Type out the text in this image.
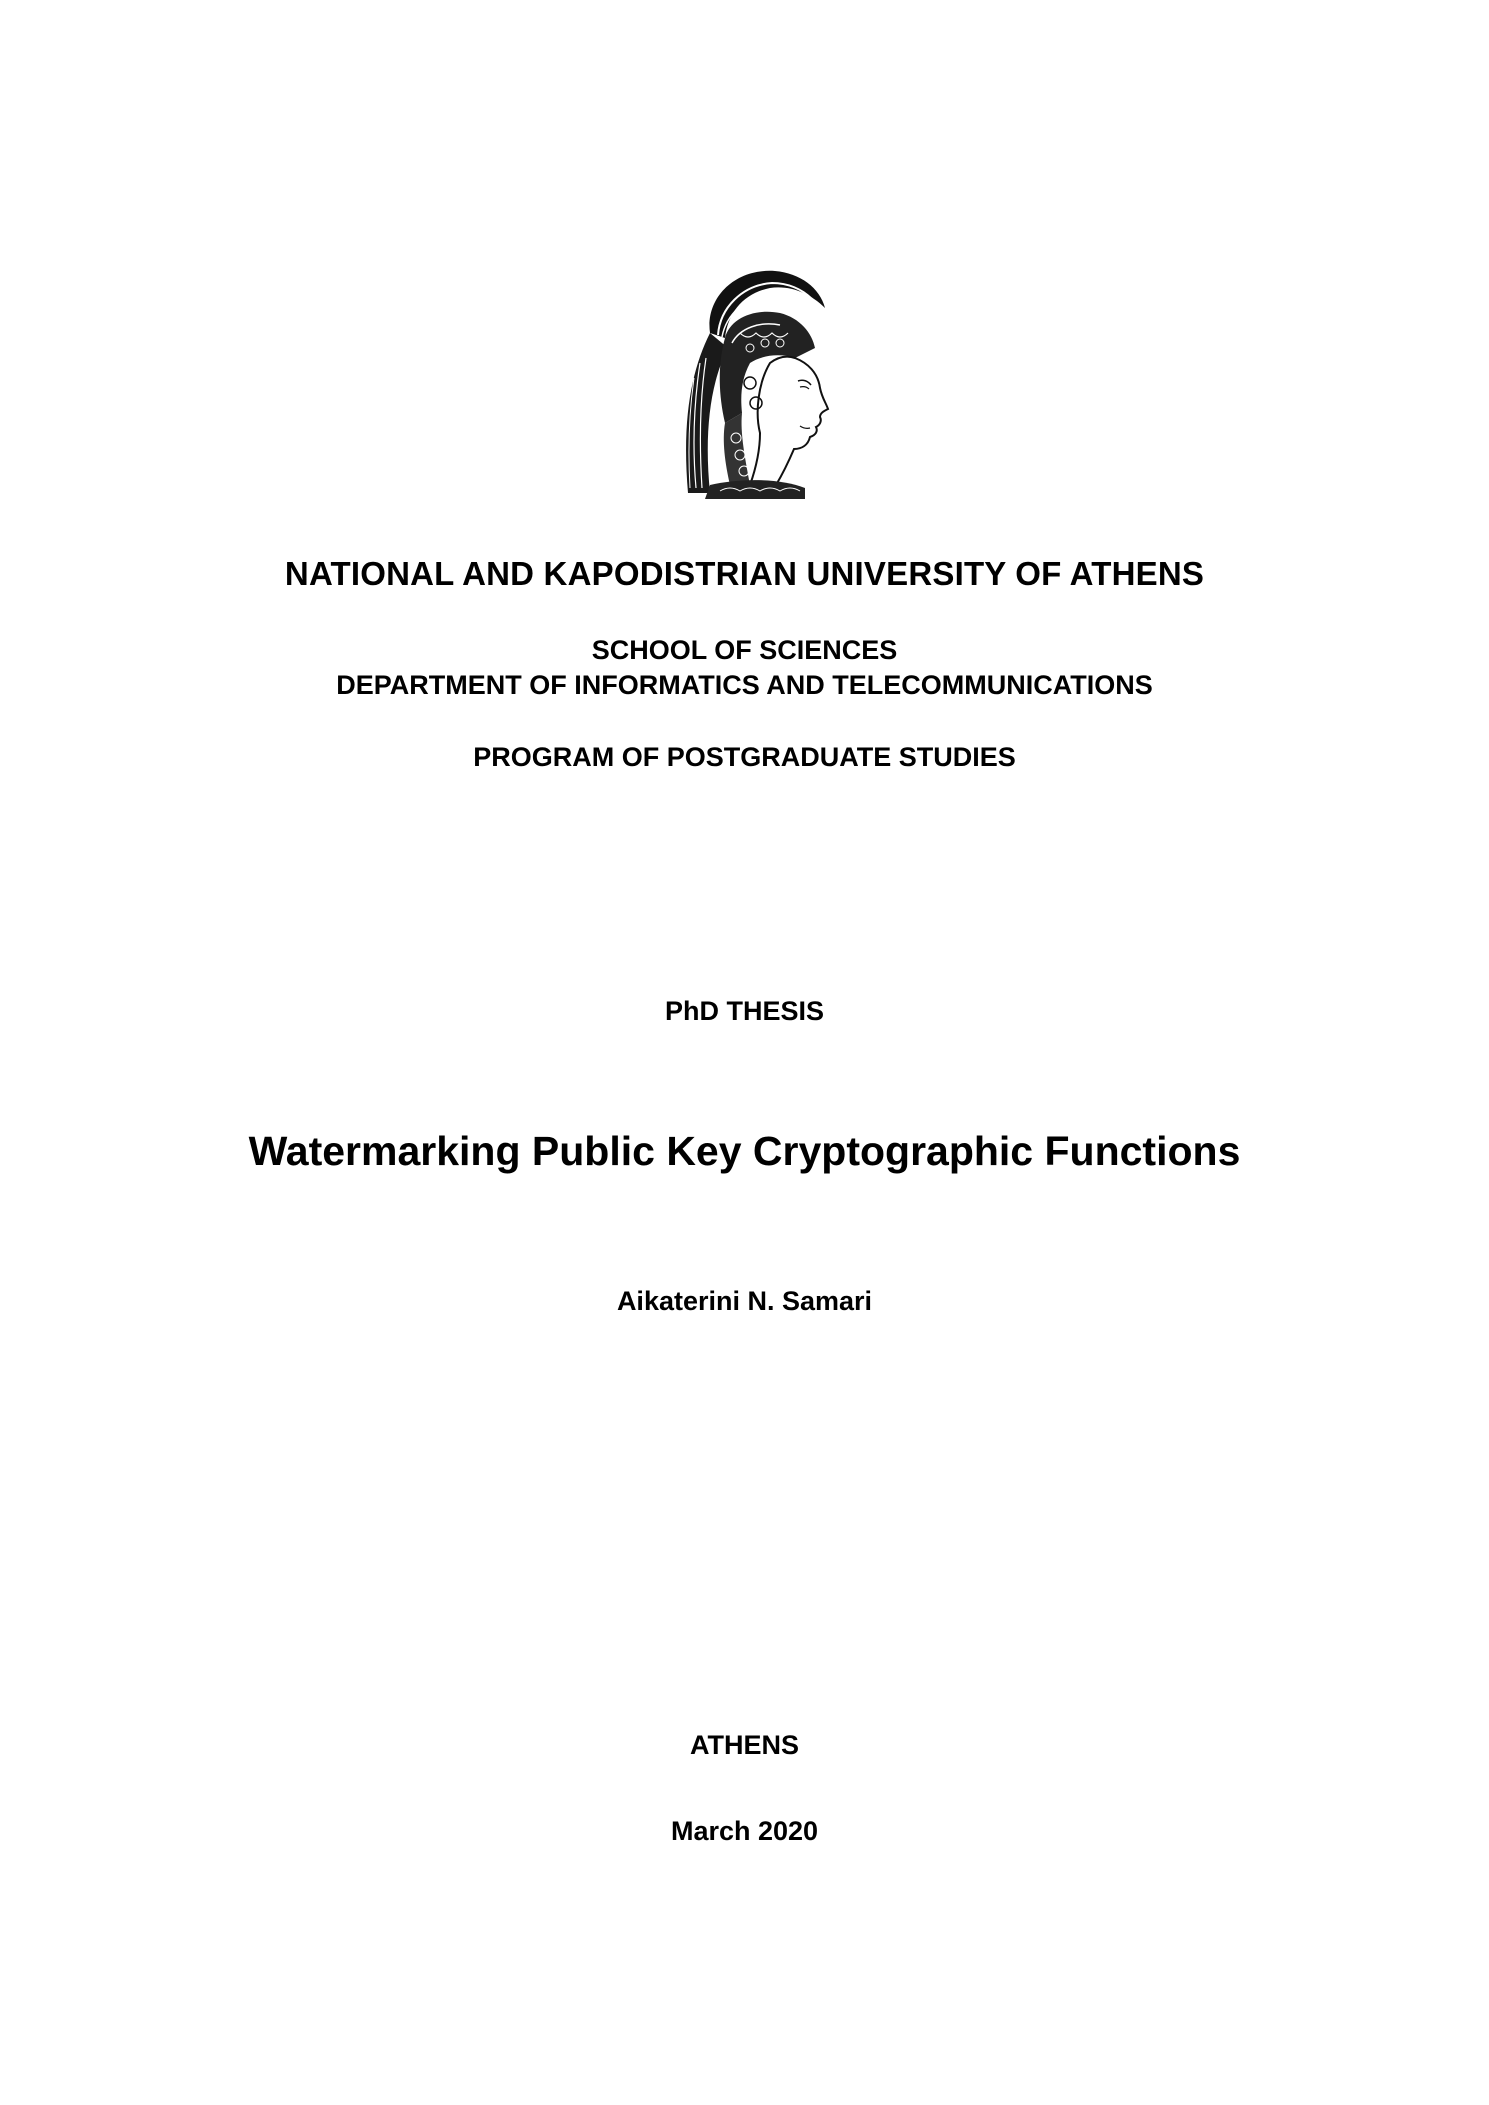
NATIONAL AND KAPODISTRIAN UNIVERSITY OF ATHENS
SCHOOL OF SCIENCES
DEPARTMENT OF INFORMATICS AND TELECOMMUNICATIONS
PROGRAM OF POSTGRADUATE STUDIES
PhD THESIS
Watermarking Public Key Cryptographic Functions
Aikaterini N. Samari
ATHENS
March 2020
